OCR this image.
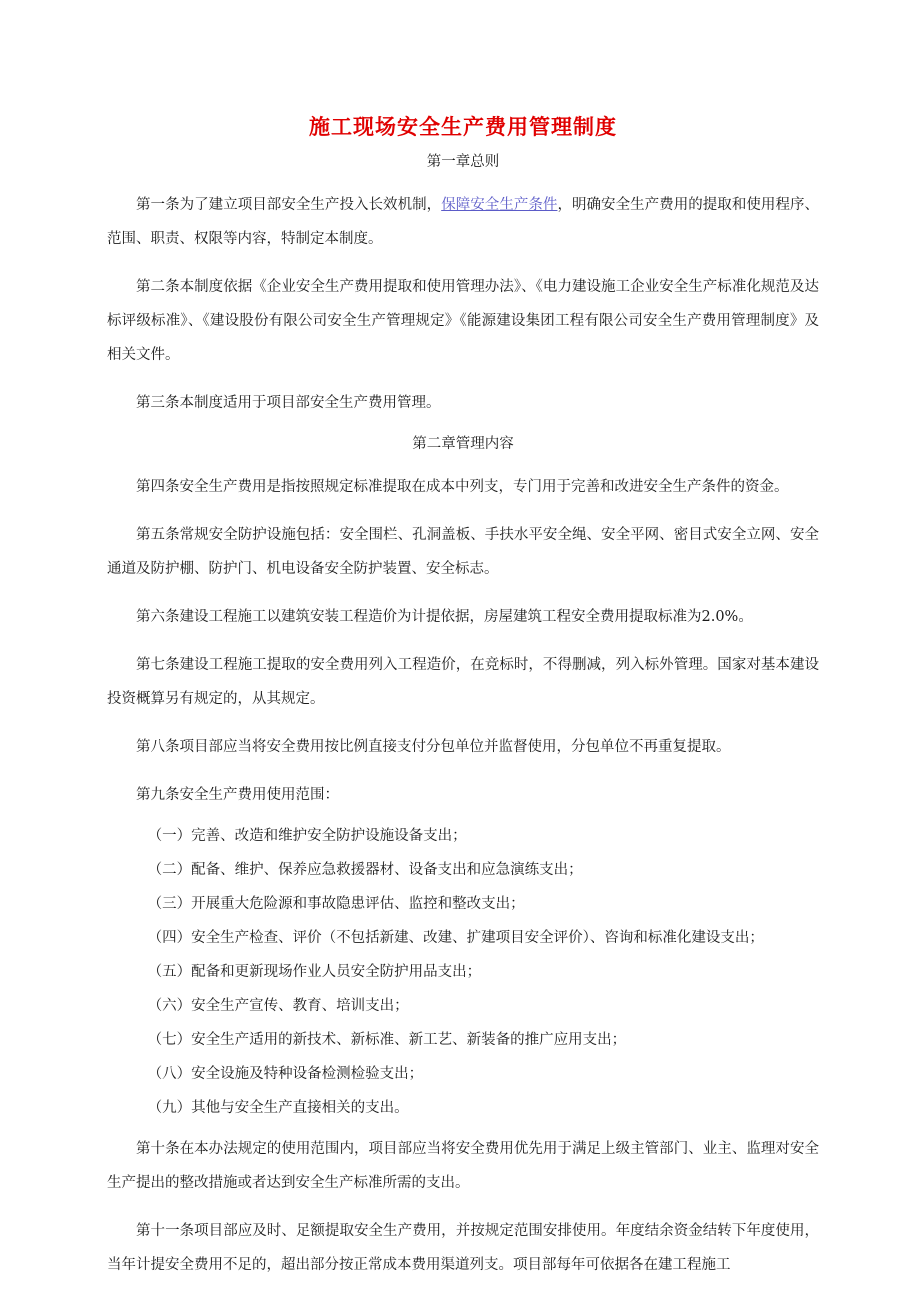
施工现场安全生产费用管理制度
第一章总则

第一条为了建立项目部安全生产投入长效机制，保障安全生产条件，明确安全生产费用的提取和使用程序、范围、职责、权限等内容，特制定本制度。

第二条本制度依据《企业安全生产费用提取和使用管理办法》、《电力建设施工企业安全生产标准化规范及达标评级标准》、《建设股份有限公司安全生产管理规定》《能源建设集团工程有限公司安全生产费用管理制度》及相关文件。

第三条本制度适用于项目部安全生产费用管理。

第二章管理内容

第四条安全生产费用是指按照规定标准提取在成本中列支，专门用于完善和改进安全生产条件的资金。

第五条常规安全防护设施包括：安全围栏、孔洞盖板、手扶水平安全绳、安全平网、密目式安全立网、安全通道及防护棚、防护门、机电设备安全防护装置、安全标志。

第六条建设工程施工以建筑安装工程造价为计提依据，房屋建筑工程安全费用提取标准为2.0%。

第七条建设工程施工提取的安全费用列入工程造价，在竞标时，不得删减，列入标外管理。国家对基本建设投资概算另有规定的，从其规定。

第八条项目部应当将安全费用按比例直接支付分包单位并监督使用，分包单位不再重复提取。

第九条安全生产费用使用范围：

（一）完善、改造和维护安全防护设施设备支出；

（二）配备、维护、保养应急救援器材、设备支出和应急演练支出；

（三）开展重大危险源和事故隐患评估、监控和整改支出；

（四）安全生产检查、评价（不包括新建、改建、扩建项目安全评价）、咨询和标准化建设支出；

（五）配备和更新现场作业人员安全防护用品支出；

（六）安全生产宣传、教育、培训支出；

（七）安全生产适用的新技术、新标准、新工艺、新装备的推广应用支出；

（八）安全设施及特种设备检测检验支出；

（九）其他与安全生产直接相关的支出。

第十条在本办法规定的使用范围内，项目部应当将安全费用优先用于满足上级主管部门、业主、监理对安全生产提出的整改措施或者达到安全生产标准所需的支出。

第十一条项目部应及时、足额提取安全生产费用，并按规定范围安排使用。年度结余资金结转下年度使用，当年计提安全费用不足的，超出部分按正常成本费用渠道列支。项目部每年可依据各在建工程施工
